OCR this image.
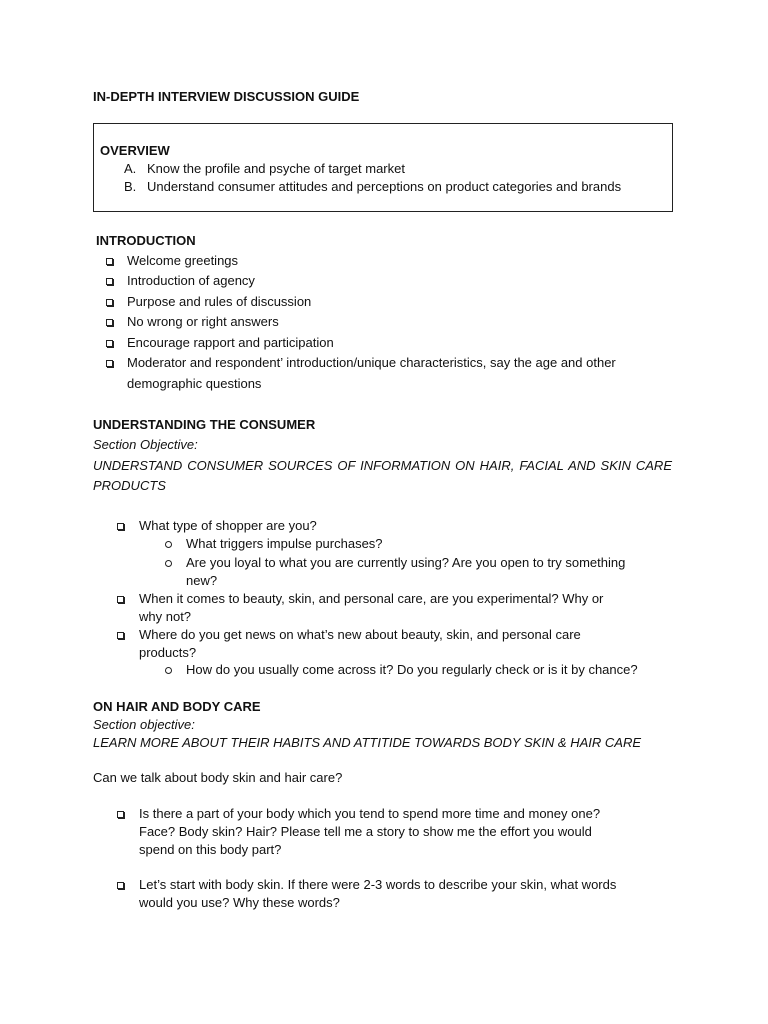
IN-DEPTH INTERVIEW DISCUSSION GUIDE
OVERVIEW
A. Know the profile and psyche of target market
B. Understand consumer attitudes and perceptions on product categories and brands
INTRODUCTION
Welcome greetings
Introduction of agency
Purpose and rules of discussion
No wrong or right answers
Encourage rapport and participation
Moderator and respondent’ introduction/unique characteristics, say the age and other
demographic questions
UNDERSTANDING THE CONSUMER
Section Objective:
UNDERSTAND CONSUMER SOURCES OF INFORMATION ON HAIR, FACIAL AND SKIN CARE
PRODUCTS
What type of shopper are you?
What triggers impulse purchases?
Are you loyal to what you are currently using? Are you open to try something
new?
When it comes to beauty, skin, and personal care, are you experimental? Why or
why not?
Where do you get news on what’s new about beauty, skin, and personal care
products?
How do you usually come across it? Do you regularly check or is it by chance?
ON HAIR AND BODY CARE
Section objective:
LEARN MORE ABOUT THEIR HABITS AND ATTITIDE TOWARDS BODY SKIN & HAIR CARE
Can we talk about body skin and hair care?
Is there a part of your body which you tend to spend more time and money one?
Face? Body skin? Hair? Please tell me a story to show me the effort you would
spend on this body part?
Let’s start with body skin. If there were 2-3 words to describe your skin, what words
would you use? Why these words?
